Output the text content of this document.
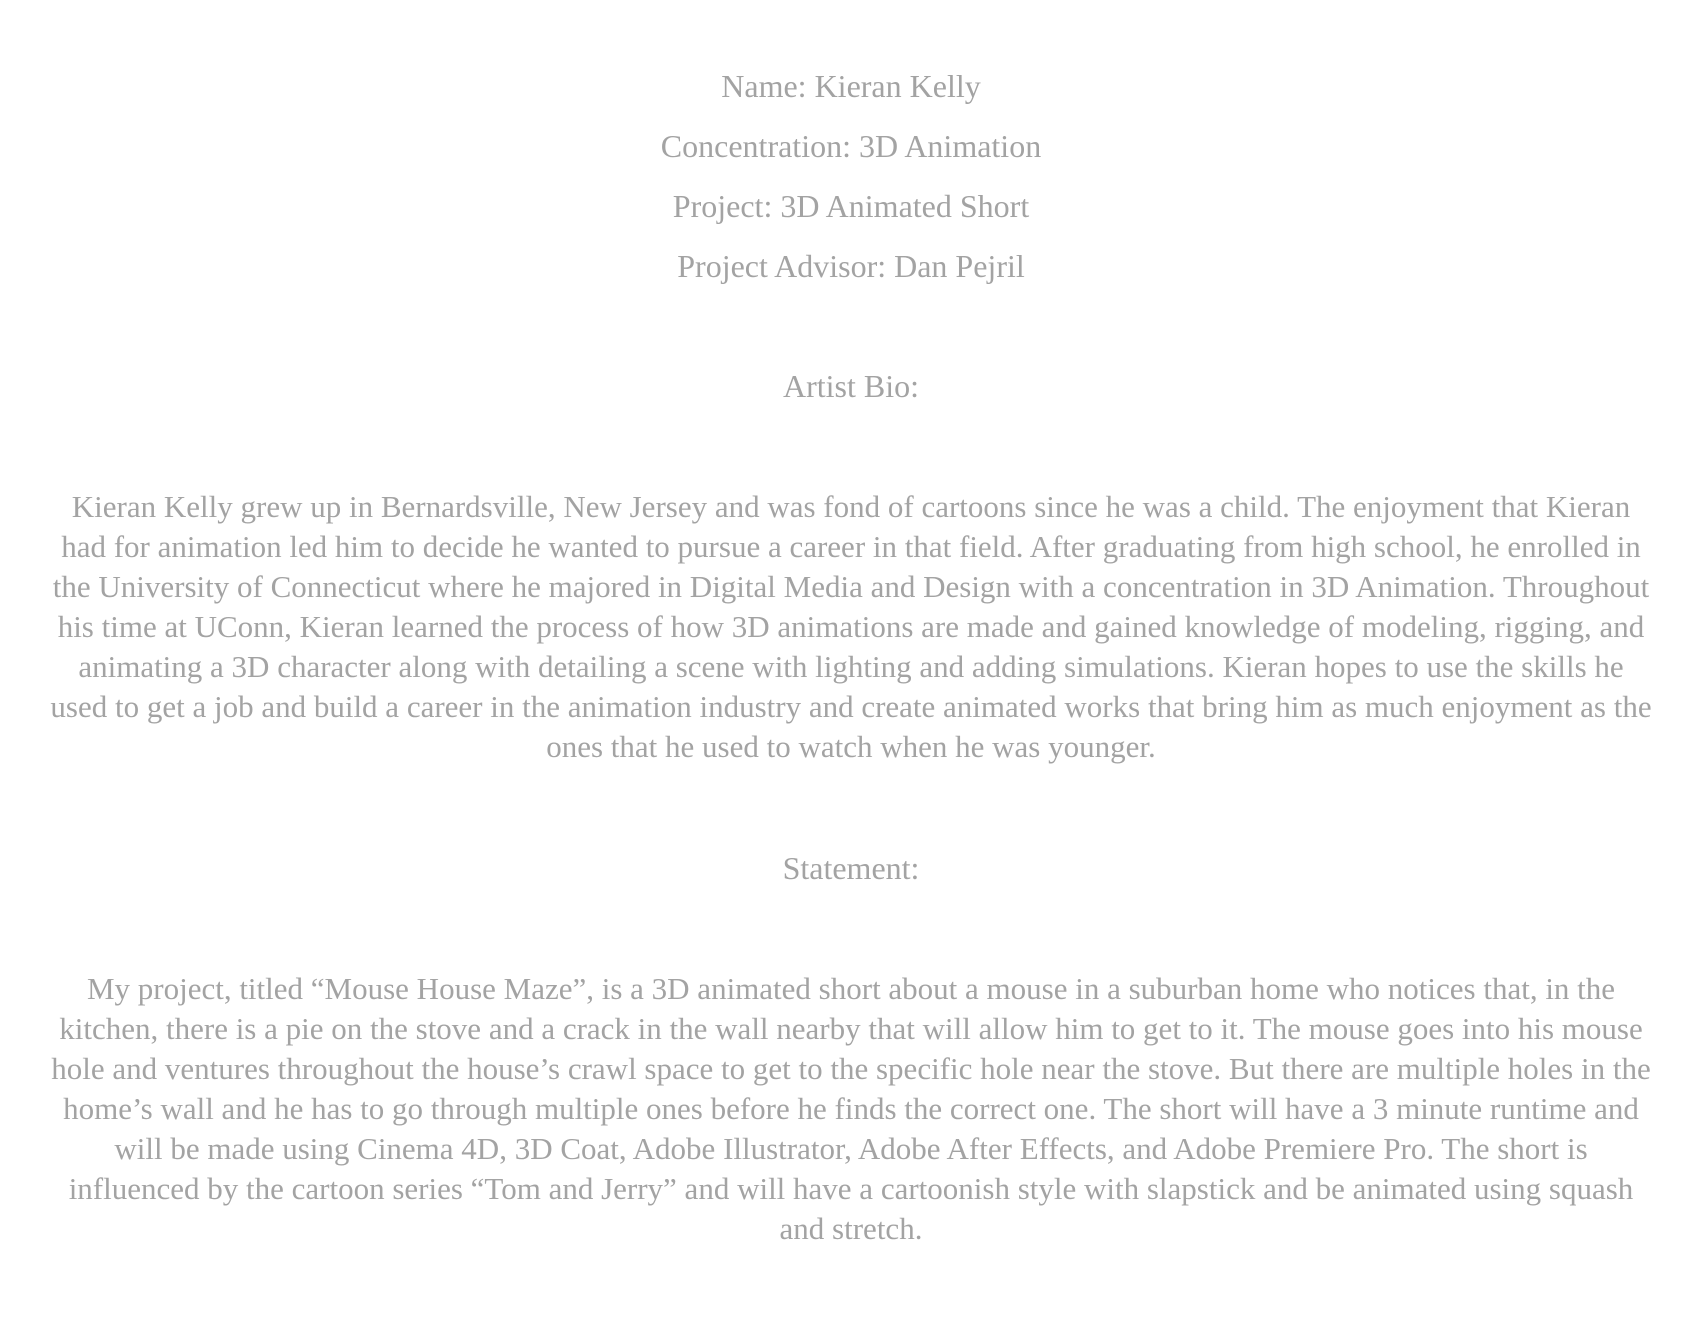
Name: Kieran Kelly
Concentration: 3D Animation
Project: 3D Animated Short
Project Advisor: Dan Pejril
Artist Bio:

Kieran Kelly grew up in Bernardsville, New Jersey and was fond of cartoons since he was a child. The enjoyment that Kieran had for animation led him to decide he wanted to pursue a career in that field. After graduating from high school, he enrolled in the University of Connecticut where he majored in Digital Media and Design with a concentration in 3D Animation. Throughout his time at UConn, Kieran learned the process of how 3D animations are made and gained knowledge of modeling, rigging, and animating a 3D character along with detailing a scene with lighting and adding simulations. Kieran hopes to use the skills he used to get a job and build a career in the animation industry and create animated works that bring him as much enjoyment as the ones that he used to watch when he was younger.

Statement:

My project, titled “Mouse House Maze”, is a 3D animated short about a mouse in a suburban home who notices that, in the kitchen, there is a pie on the stove and a crack in the wall nearby that will allow him to get to it. The mouse goes into his mouse hole and ventures throughout the house’s crawl space to get to the specific hole near the stove. But there are multiple holes in the home’s wall and he has to go through multiple ones before he finds the correct one. The short will have a 3 minute runtime and will be made using Cinema 4D, 3D Coat, Adobe Illustrator, Adobe After Effects, and Adobe Premiere Pro. The short is influenced by the cartoon series “Tom and Jerry” and will have a cartoonish style with slapstick and be animated using squash and stretch.
